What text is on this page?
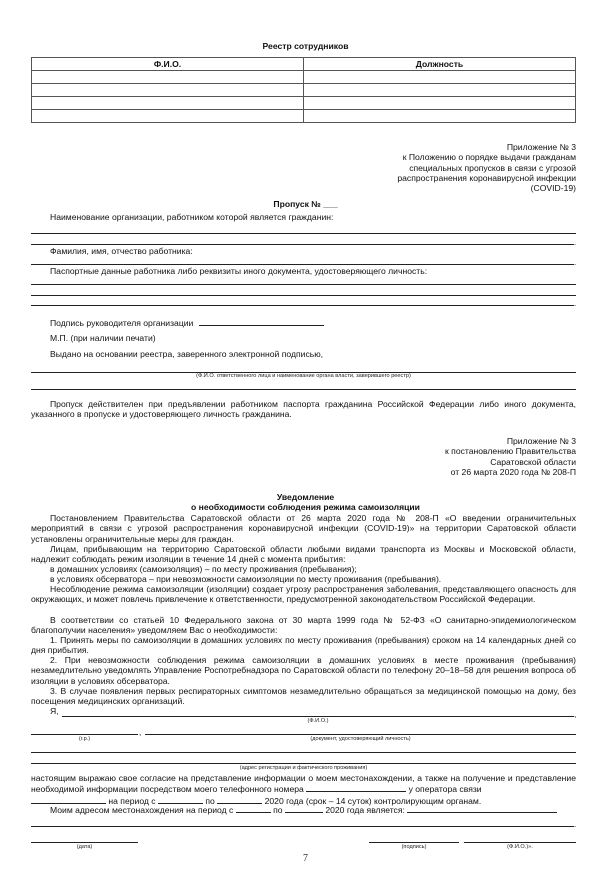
Реестр сотрудников
Ф.И.О.	Должность

Приложение № 3
к Положению о порядке выдачи гражданам
специальных пропусков в связи с угрозой
распространения коронавирусной инфекции
(COVID-19)
Пропуск № ___
Наименование организации, работником которой является гражданин:
.
Фамилия, имя, отчество работника:
.
Паспортные данные работника либо реквизиты иного документа, удостоверяющего личность:
.
Подпись руководителя организации
М.П. (при наличии печати)
Выдано на основании реестра, заверенного электронной подписью,
(Ф.И.О. ответственного лица и наименование органа власти, заверившего реестр)
Пропуск действителен при предъявлении работником паспорта гражданина Российской Федерации либо иного документа, указанного в пропуске и удостоверяющего личность гражданина.
Приложение № 3
к постановлению Правительства
Саратовской области
от 26 марта 2020 года № 208-П
Уведомление
о необходимости соблюдения режима самоизоляции
Постановлением Правительства Саратовской области от 26 марта 2020 года № 208-П «О введении ограничительных мероприятий в связи с угрозой распространения коронавирусной инфекции (COVID-19)» на территории Саратовской области установлены ограничительные меры для граждан.
Лицам, прибывающим на территорию Саратовской области любыми видами транспорта из Москвы и Московской области, надлежит соблюдать режим изоляции в течение 14 дней с момента прибытия:
в домашних условиях (самоизоляция) – по месту проживания (пребывания);
в условиях обсерватора – при невозможности самоизоляции по месту проживания (пребывания).
Несоблюдение режима самоизоляции (изоляции) создает угрозу распространения заболевания, представляющего опасность для окружающих, и может повлечь привлечение к ответственности, предусмотренной законодательством Российской Федерации.
В соответствии со статьей 10 Федерального закона от 30 марта 1999 года № 52-ФЗ «О санитарно-эпидемиологическом благополучии населения» уведомляем Вас о необходимости:
1. Принять меры по самоизоляции в домашних условиях по месту проживания (пребывания) сроком на 14 календарных дней со дня прибытия.
2. При невозможности соблюдения режима самоизоляции в домашних условиях в месте проживания (пребывания) незамедлительно уведомлять Управление Роспотребнадзора по Саратовской области по телефону 20–18–58 для решения вопроса об изоляции в условиях обсерватора.
3. В случае появления первых респираторных симптомов незамедлительно обращаться за медицинской помощью на дому, без посещения медицинских организаций.
Я,	,
(Ф.И.О.)
,
(г.р.)	(документ, удостоверяющий личность)
(адрес регистрации и фактического проживания)
настоящим выражаю свое согласие на представление информации о моем местонахождении, а также на получение и представление необходимой информации посредством моего телефонного номера	у оператора связи
на период с	по	2020 года (срок – 14 суток) контролирующим органам.
Моим адресом местонахождения на период с	по	2020 года является:
.
(дата)	(подпись)	(Ф.И.О.)».
7
